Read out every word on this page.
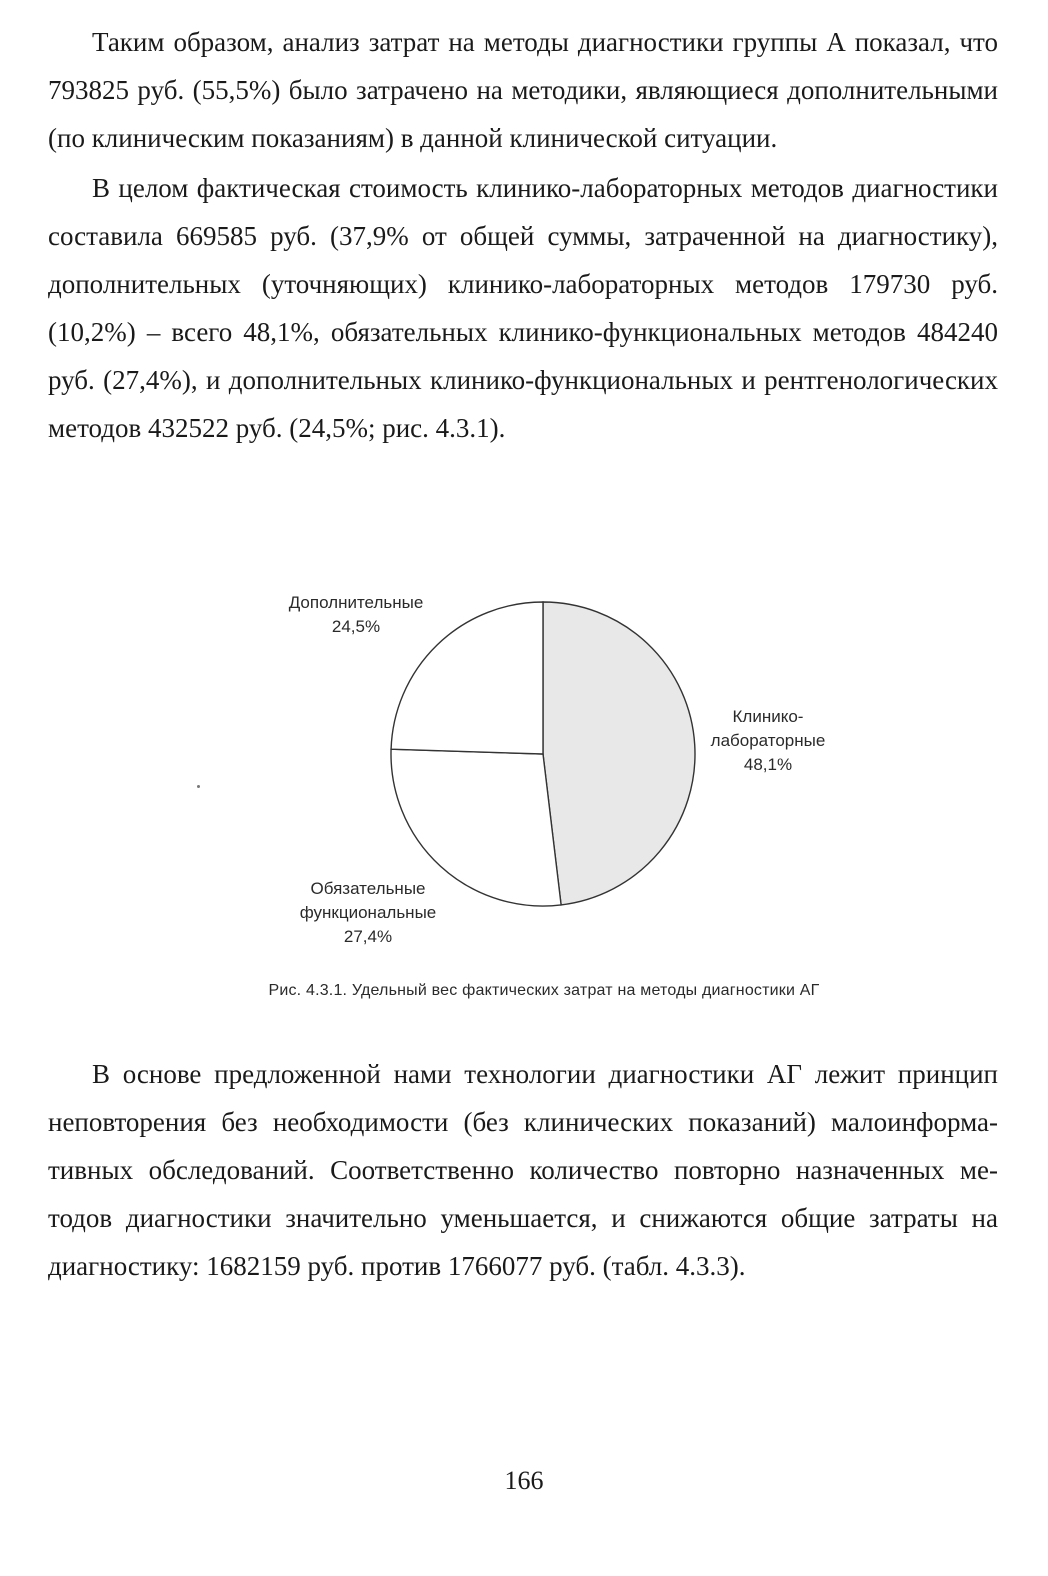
Таким образом, анализ затрат на методы диагностики группы А показал, что 793825 руб. (55,5%) было затрачено на методики, являющиеся дополнительными (по клиническим показаниям) в данной клинической ситуации.

В целом фактическая стоимость клинико-лабораторных методов диагностики составила 669585 руб. (37,9% от общей суммы, затраченной на диагностику), дополнительных (уточняющих) клинико-лабораторных методов 179730 руб. (10,2%) – всего 48,1%, обязательных клинико-функциональных методов 484240 руб. (27,4%), и дополнительных клинико-функциональных и рентгенологических методов 432522 руб. (24,5%; рис. 4.3.1).

Клинико-лабораторные 48,1%
Обязательные функциональные 27,4%
Дополнительные 24,5%
Рис. 4.3.1. Удельный вес фактических затрат на методы диагностики АГ

В основе предложенной нами технологии диагностики АГ лежит принцип неповторения без необходимости (без клинических показаний) малоинформативных обследований. Соответственно количество повторно назначенных методов диагностики значительно уменьшается, и снижаются общие затраты на диагностику: 1682159 руб. против 1766077 руб. (табл. 4.3.3).

166
